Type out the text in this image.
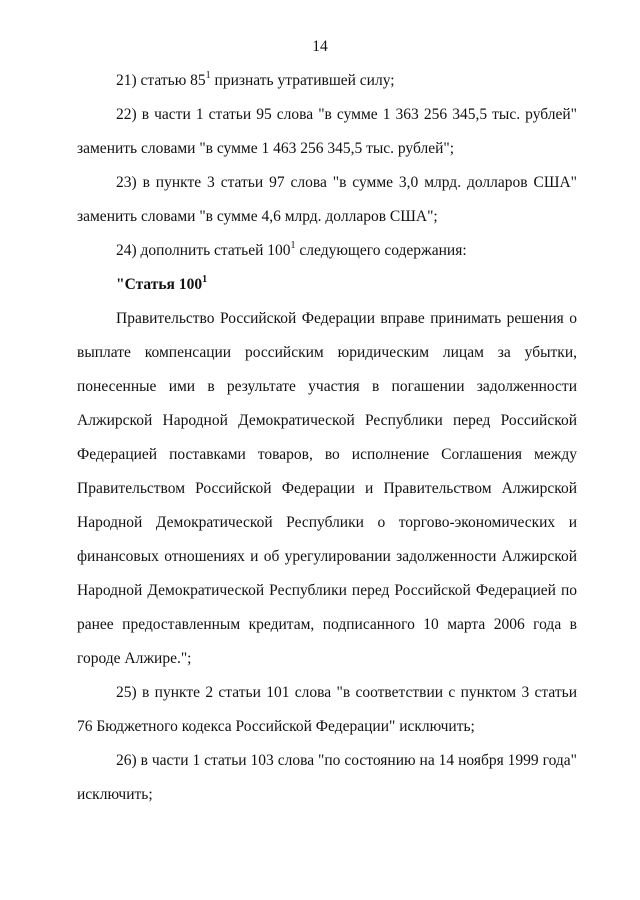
14

21) статью $85^1$ признать утратившей силу;

22) в части 1 статьи 95 слова "в сумме 1 363 256 345,5 тыс. рублей" заменить словами "в сумме 1 463 256 345,5 тыс. рублей";

23) в пункте 3 статьи 97 слова "в сумме 3,0 млрд. долларов США" заменить словами "в сумме 4,6 млрд. долларов США";

24) дополнить статьей $100^1$ следующего содержания:

"Статья $100^1$

Правительство Российской Федерации вправе принимать решения о выплате компенсации российским юридическим лицам за убытки, понесенные ими в результате участия в погашении задолженности Алжирской Народной Демократической Республики перед Российской Федерацией поставками товаров, во исполнение Соглашения между Правительством Российской Федерации и Правительством Алжирской Народной Демократической Республики о торгово-экономических и финансовых отношениях и об урегулировании задолженности Алжирской Народной Демократической Республики перед Российской Федерацией по ранее предоставленным кредитам, подписанного 10 марта 2006 года в городе Алжире.";

25) в пункте 2 статьи 101 слова "в соответствии с пунктом 3 статьи 76 Бюджетного кодекса Российской Федерации" исключить;

26) в части 1 статьи 103 слова "по состоянию на 14 ноября 1999 года" исключить;
